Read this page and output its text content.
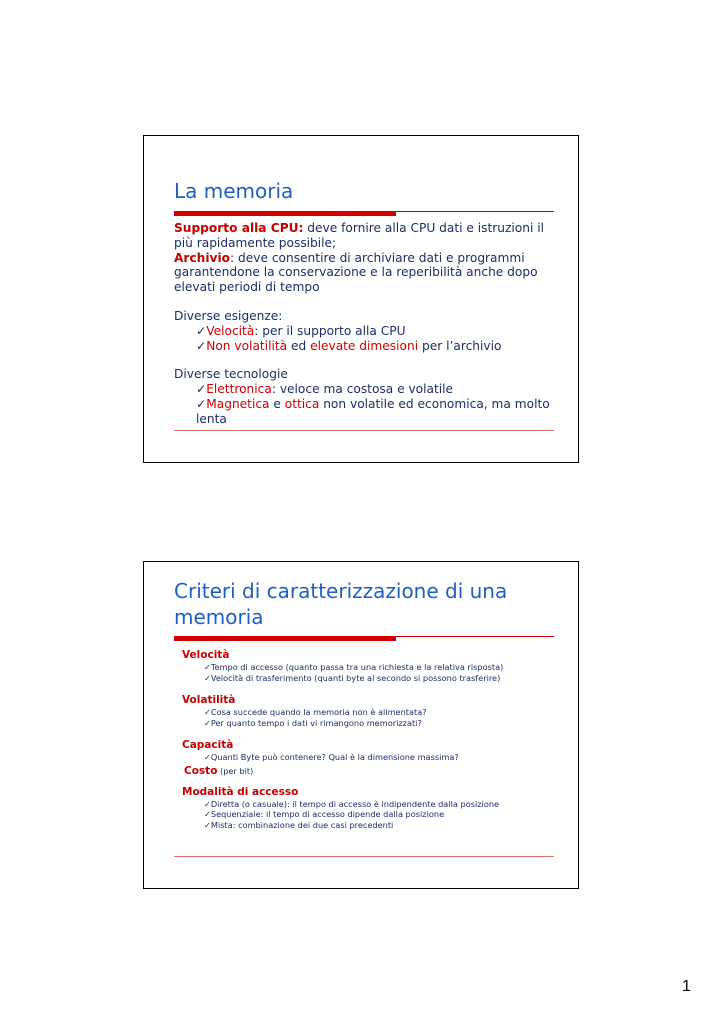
La memoria

Supporto alla CPU: deve fornire alla CPU dati e istruzioni il

più rapidamente possibile;

Archivio: deve consentire di archiviare dati e programmi

garantendone la conservazione e la reperibilità anche dopo

elevati periodi di tempo

Diverse esigenze:

✓Velocità: per il supporto alla CPU

✓Non volatilità ed elevate dimesioni per l’archivio

Diverse tecnologie

✓Elettronica: veloce ma costosa e volatile

✓Magnetica e ottica non volatile ed economica, ma molto

lenta

Criteri di caratterizzazione di una
memoria

Velocità

✓Tempo di accesso (quanto passa tra una richiesta e la relativa risposta)

✓Velocità di trasferimento (quanti byte al secondo si possono trasferire)

Volatilità

✓Cosa succede quando la memoria non è alimentata?

✓Per quanto tempo i dati vi rimangono memorizzati?

Capacità

✓Quanti Byte può contenere? Qual è la dimensione massima?

Costo (per bit)

Modalità di accesso

✓Diretta (o casuale): il tempo di accesso è indipendente dalla posizione

✓Sequenziale: il tempo di accesso dipende dalla posizione

✓Mista: combinazione dei due casi precedenti

1
